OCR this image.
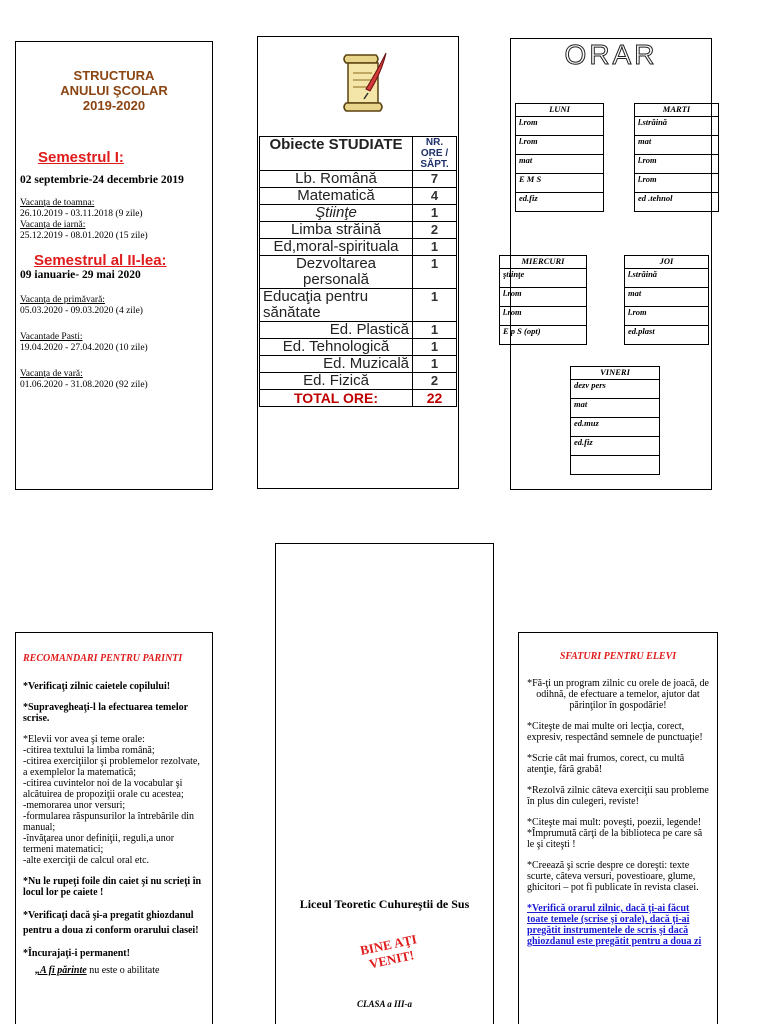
STRUCTURA
ANULUI ŞCOLAR
2019-2020
Semestrul I:
02 septembrie-24 decembrie 2019
Vacanţa de toamna:
26.10.2019 - 03.11.2018 (9 zile)
Vacanţa de iarnă:
25.12.2019 - 08.01.2020 (15 zile)
Semestrul al II-lea:
09 ianuarie- 29 mai 2020
Vacanţa de primăvară:
05.03.2020 - 09.03.2020 (4 zile)
Vacantade Pasti:
19.04.2020 - 27.04.2020 (10 zile)
Vacanţa de vară:
01.06.2020 - 31.08.2020 (92 zile)
Obiecte STUDIATE	NR. ORE / SĂPT.
Lb. Română	7
Matematică	4
Ştiinţe	1
Limba străină	2
Ed,moral-spirituala	1
Dezvoltarea personală	1
Educaţia pentru sănătate	1
Ed. Plastică	1
Ed. Tehnologică	1
Ed. Muzicală	1
Ed. Fizică	2
TOTAL ORE:	22
ORAR
LUNI
l.rom
l.rom
mat
E M S
ed.fiz
MARTI
l.străină
mat
l.rom
l.rom
ed .tehnol
MIERCURI
ştiinţe
l.rom
l.rom
E p S (opt)
JOI
l.străină
mat
l.rom
ed.plast
VINERI
dezv pers
mat
ed.muz
ed.fiz
RECOMANDARI PENTRU PARINTI

*Verificaţi zilnic caietele copilului!

*Supravegheaţi-l la efectuarea temelor scrise.

*Elevii vor avea şi teme orale:
-citirea textului la limba română;
-citirea exerciţiilor şi problemelor rezolvate, a exemplelor la matematică;
-citirea cuvintelor noi de la vocabular şi alcătuirea de propoziţii orale cu acestea;
-memorarea unor versuri;
-formularea răspunsurilor la întrebările din manual;
-învăţarea unor definiţii, reguli,a unor termeni matematici;
-alte exerciţii de calcul oral etc.

*Nu le rupeţi foile din caiet şi nu scrieţi în locul lor pe caiete !

*Verificaţi dacă şi-a pregatit ghiozdanul pentru a doua zi conform orarului clasei!

*Încurajaţi-i permanent!

„A fi părinte nu este o abilitate

Liceul Teoretic Cuhureştii de Sus
BINE AŢI VENIT!
CLASA a III-a
SFATURI PENTRU ELEVI

*Fă-ţi un program zilnic cu orele de joacă, de odihnă, de efectuare a temelor, ajutor dat părinţilor în gospodărie!

*Citeşte de mai multe ori lecţia, corect, expresiv, respectând semnele de punctuaţie!

*Scrie cât mai frumos, corect, cu multă atenţie, fără grabă!

*Rezolvă zilnic câteva exerciţii sau probleme în plus din culegeri, reviste!

*Citeşte mai mult: poveşti, poezii, legende!

*Împrumută cărţi de la biblioteca pe care să le şi citeşti !

*Creează şi scrie despre ce doreşti: texte scurte, câteva versuri, povestioare, glume, ghicitori – pot fi publicate în revista clasei.

*Verifică orarul zilnic, dacă ţi-ai făcut toate temele (scrise şi orale), dacă ţi-ai pregătit instrumentele de scris şi dacă ghiozdanul este pregătit pentru a doua zi
